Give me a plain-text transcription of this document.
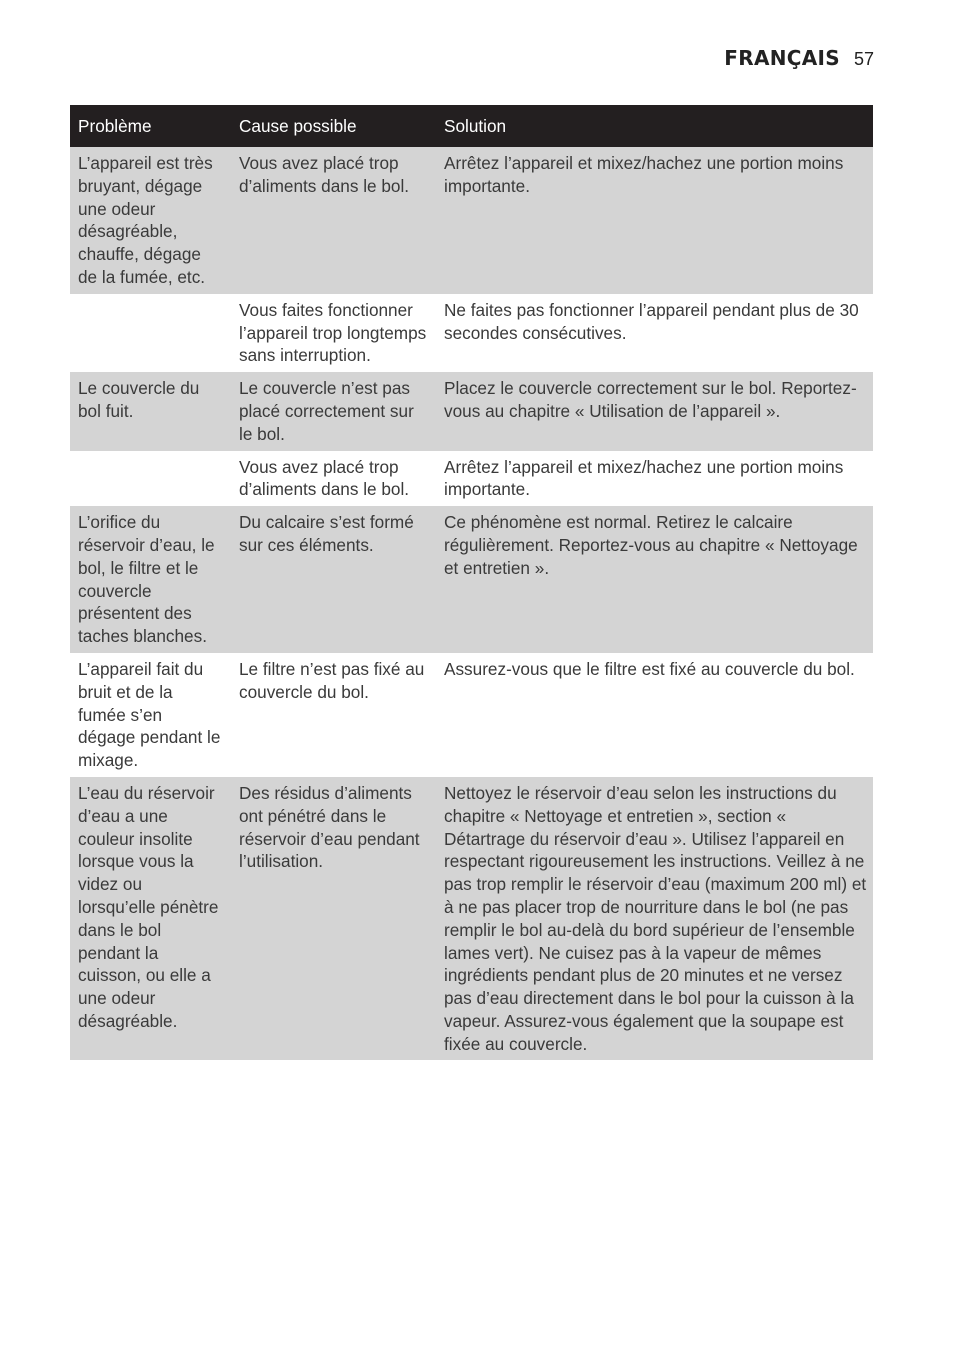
FRANÇAIS 57
Problème	Cause possible	Solution
L’appareil est très bruyant, dégage une odeur désagréable, chauffe, dégage de la fumée, etc.	Vous avez placé trop d’aliments dans le bol.	Arrêtez l’appareil et mixez/hachez une portion moins importante.
	Vous faites fonctionner l’appareil trop longtemps sans interruption.	Ne faites pas fonctionner l’appareil pendant plus de 30 secondes consécutives.
Le couvercle du bol fuit.	Le couvercle n’est pas placé correctement sur le bol.	Placez le couvercle correctement sur le bol. Reportez-vous au chapitre « Utilisation de l’appareil ».
	Vous avez placé trop d’aliments dans le bol.	Arrêtez l’appareil et mixez/hachez une portion moins importante.
L’orifice du réservoir d’eau, le bol, le filtre et le couvercle présentent des taches blanches.	Du calcaire s’est formé sur ces éléments.	Ce phénomène est normal. Retirez le calcaire régulièrement. Reportez-vous au chapitre « Nettoyage et entretien ».
L’appareil fait du bruit et de la fumée s’en dégage pendant le mixage.	Le filtre n’est pas fixé au couvercle du bol.	Assurez-vous que le filtre est fixé au couvercle du bol.
L’eau du réservoir d’eau a une couleur insolite lorsque vous la videz ou lorsqu’elle pénètre dans le bol pendant la cuisson, ou elle a une odeur désagréable.	Des résidus d’aliments ont pénétré dans le réservoir d’eau pendant l’utilisation.	Nettoyez le réservoir d’eau selon les instructions du chapitre « Nettoyage et entretien », section « Détartrage du réservoir d’eau ». Utilisez l’appareil en respectant rigoureusement les instructions. Veillez à ne pas trop remplir le réservoir d’eau (maximum 200 ml) et à ne pas placer trop de nourriture dans le bol (ne pas remplir le bol au-delà du bord supérieur de l’ensemble lames vert). Ne cuisez pas à la vapeur de mêmes ingrédients pendant plus de 20 minutes et ne versez pas d’eau directement dans le bol pour la cuisson à la vapeur. Assurez-vous également que la soupape est fixée au couvercle.
